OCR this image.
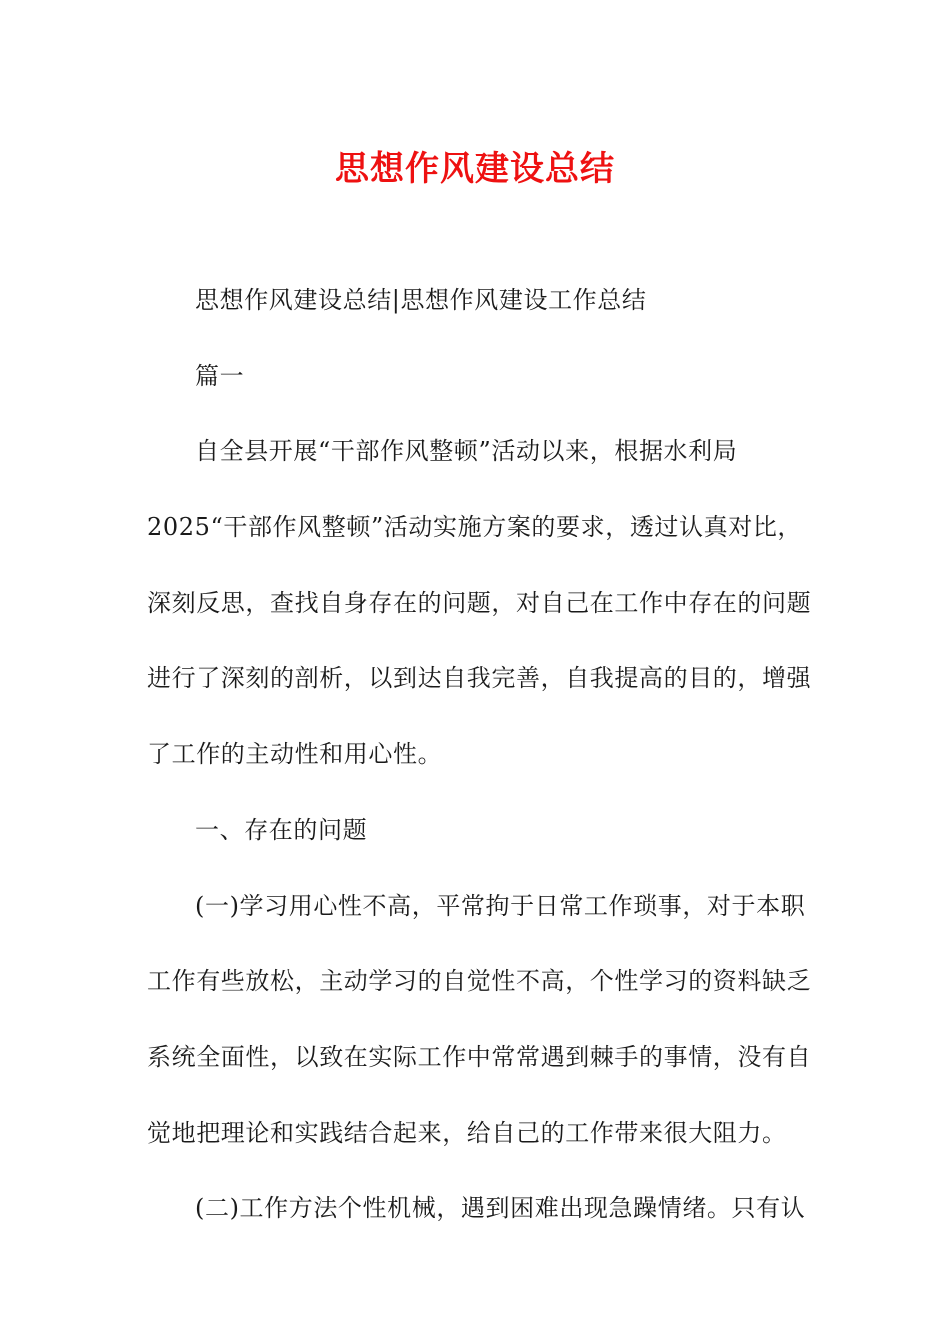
思想作风建设总结
思想作风建设总结|思想作风建设工作总结
篇一
自全县开展“干部作风整顿”活动以来，根据水利局
2025“干部作风整顿”活动实施方案的要求，透过认真对比，
深刻反思，查找自身存在的问题，对自己在工作中存在的问题
进行了深刻的剖析，以到达自我完善，自我提高的目的，增强
了工作的主动性和用心性。
一、存在的问题
(一)学习用心性不高，平常拘于日常工作琐事，对于本职
工作有些放松，主动学习的自觉性不高，个性学习的资料缺乏
系统全面性，以致在实际工作中常常遇到棘手的事情，没有自
觉地把理论和实践结合起来，给自己的工作带来很大阻力。
(二)工作方法个性机械，遇到困难出现急躁情绪。只有认
